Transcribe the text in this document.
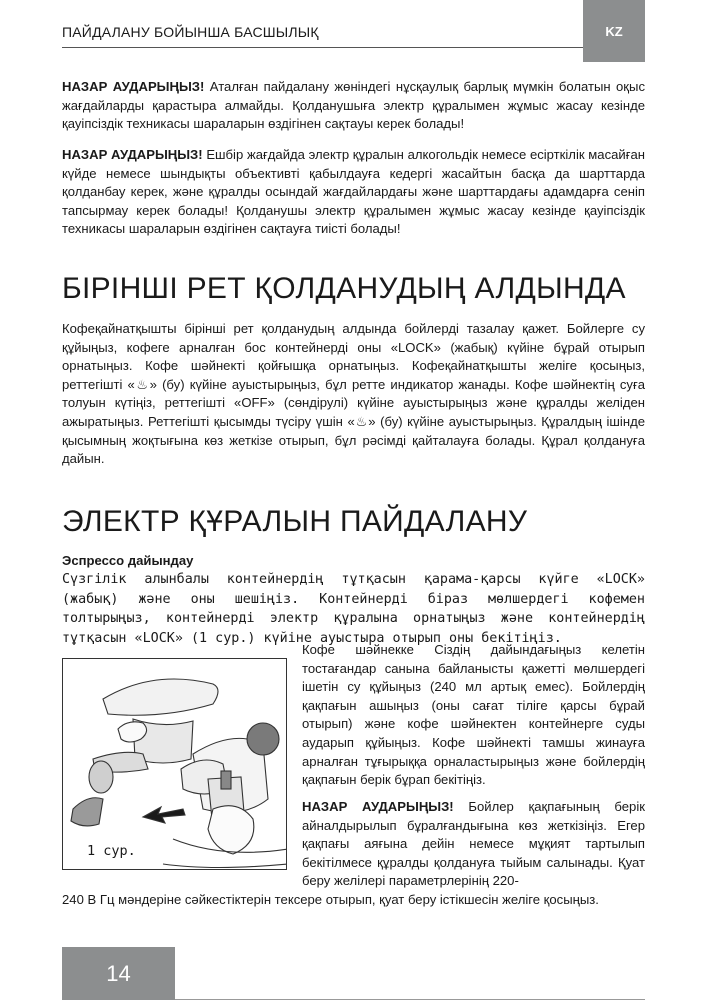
ПАЙДАЛАНУ БОЙЫНША БАСШЫЛЫҚ	KZ

НАЗАР АУДАРЫҢЫЗ! Аталған пайдалану жөніндегі нұсқаулық барлық мүмкін болатын оқыс жағдайларды қарастыра алмайды. Қолданушыға электр құралымен жұмыс жасау кезінде қауіпсіздік техникасы шараларын өздігінен сақтауы керек болады!

НАЗАР АУДАРЫҢЫЗ! Ешбір жағдайда электр құралын алкогольдік немесе есірткілік масайған күйде немесе шындықты объективті қабылдауға кедергі жасайтын басқа да шарттарда қолданбау керек, және құралды осындай жағдайлардағы және шарттардағы адамдарға сеніп тапсырмау керек болады! Қолданушы электр құралымен жұмыс жасау кезінде қауіпсіздік техникасы шараларын өздігінен сақтауға тиісті болады!

БІРІНШІ РЕТ ҚОЛДАНУДЫҢ АЛДЫНДА

Кофеқайнатқышты бірінші рет қолданудың алдында бойлерді тазалау қажет. Бойлерге су құйыңыз, кофеге арналған бос контейнерді оны «LOCK» (жабық) күйіне бұрай отырып орнатыңыз. Кофе шәйнекті қойғышқа орнатыңыз. Кофеқайнатқышты желіге қосыңыз, реттегішті «♨» (бу) күйіне ауыстырыңыз, бұл ретте индикатор жанады. Кофе шәйнектің суға толуын күтіңіз, реттегішті «OFF» (сөндірулі) күйіне ауыстырыңыз және құралды желіден ажыратыңыз. Реттегішті қысымды түсіру үшін «♨» (бу) күйіне ауыстырыңыз. Құралдың ішінде қысымның жоқтығына көз жеткізе отырып, бұл рәсімді қайталауға болады. Құрал қолдануға дайын.

ЭЛЕКТР ҚҰРАЛЫН ПАЙДАЛАНУ
Эспрессо дайындау

Сүзгілік алынбалы контейнердің тұтқасын қарама-қарсы күйге «LOCK» (жабық) және оны шешіңіз. Контейнерді біраз мөлшердегі кофемен толтырыңыз, контейнерді электр құралына орнатыңыз және контейнердің тұтқасын «LOCK» (1 сур.) күйіне ауыстыра отырып оны бекітіңіз.

Кофе шәйнекке Сіздің дайындағыңыз келетін тостағандар санына байланысты қажетті мөлшердегі ішетін су құйыңыз (240 мл артық емес). Бойлердің қақпағын ашыңыз (оны сағат тіліге қарсы бұрай отырып) және кофе шәйнектен контейнерге суды аударып құйыңыз. Кофе шәйнекті тамшы жинауға арналған тұғырыққа орналастырыңыз және бойлердің қақпағын берік бұрап бекітіңіз.

НАЗАР АУДАРЫҢЫЗ! Бойлер қақпағының берік айналдырылып бұралғандығына көз жеткізіңіз. Егер қақпағы аяғына дейін немесе мұқият тартылып бекітілмесе құралды қолдануға тыйым салынады. Қуат беру желілері параметрлерінің 220-

240 В Гц мәндеріне сәйкестіктерін тексере отырып, қуат беру істікшесін желіге қосыңыз.

1 сур.
14
